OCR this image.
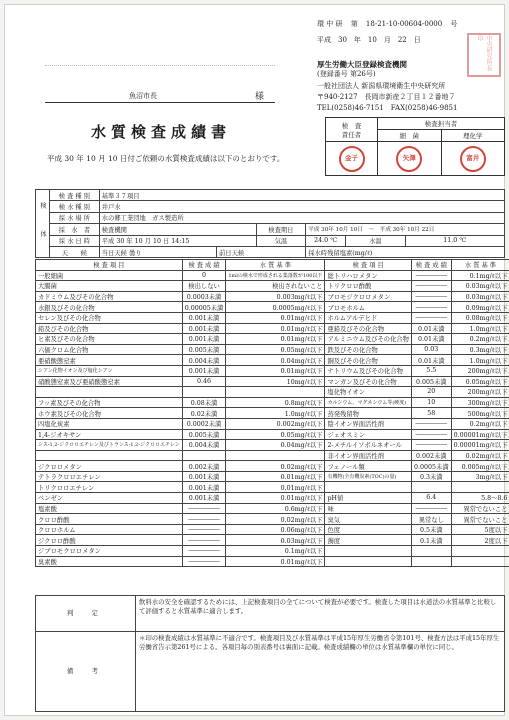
環 中 研 第 18-21-10-00604-0000 号
平成　30　年　10　月　22　日
厚生労働大臣登録検査機関
(登録番号 第26号)
一般社団法人 新潟県環境衛生中央研究所
〒940-2127　長岡市新産２丁目１２番地７
TEL(0258)46-7151　FAX(0258)46-9851
中央研究所長印
魚沼市長	様
水質検査成績書
平成 30 年 10 月 10 日付ご依頼の水質検査成績は以下のとおりです。
検　査
責任者	検査担当者	
	細　菌	理化学
金子	矢澤	富井
検　体	検 査 種 別	基準３７項目					
	検 水 種 別	井戸水					
	採 水 場 所	水の郷工業団地　ガス製造所					
	採　水　者	検査機関		検査期日	平成 30年 10月 10日　～　平成 30年 10月 22日		
	採 水 日 時	平成 30 年 10 月 10 日 14:15		気温	24.0 ℃	水温	11.0 ℃
	天　　候	当日天候 曇り	前日天候		採水時残留塩素(mg/ℓ)		
検 査 項 目	検 査 成 績	水 質 基 準	検 査 項 目	検 査 成 績	水 質 基 準
一般細菌	0	1mlの検水で形成される集落数が100以下	総トリハロメタン	―――――	0.1mg/ℓ以下
大腸菌	検出しない	検出されないこと	トリクロロ酢酸	―――――	0.03mg/ℓ以下
カドミウム及びその化合物	0.0003未満	0.003mg/ℓ以下	ブロモジクロロメタン	―――――	0.03mg/ℓ以下
水銀及びその化合物	0.00005未満	0.0005mg/ℓ以下	ブロモホルム	―――――	0.09mg/ℓ以下
セレン及びその化合物	0.001未満	0.01mg/ℓ以下	ホルムアルデヒド	―――――	0.08mg/ℓ以下
鉛及びその化合物	0.001未満	0.01mg/ℓ以下	亜鉛及びその化合物	0.01未満	1.0mg/ℓ以下
ヒ素及びその化合物	0.001未満	0.01mg/ℓ以下	アルミニウム及びその化合物	0.01未満	0.2mg/ℓ以下
六価クロム化合物	0.005未満	0.05mg/ℓ以下	鉄及びその化合物	0.03	0.3mg/ℓ以下
亜硝酸態窒素	0.004未満	0.04mg/ℓ以下	銅及びその化合物	0.01未満	1.0mg/ℓ以下
シアン化物イオン及び塩化シアン	0.001未満	0.01mg/ℓ以下	ナトリウム及びその化合物	5.5	200mg/ℓ以下
硝酸態窒素及び亜硝酸態窒素	0.46	10mg/ℓ以下	マンガン及びその化合物	0.005未満	0.05mg/ℓ以下
			塩化物イオン	20	200mg/ℓ以下
フッ素及びその化合物	0.08未満	0.8mg/ℓ以下	カルシウム、マグネシウム等(硬度)	10	300mg/ℓ以下
ホウ素及びその化合物	0.02未満	1.0mg/ℓ以下	蒸発残留物	58	500mg/ℓ以下
四塩化炭素	0.0002未満	0.002mg/ℓ以下	陰イオン界面活性剤	―――――	0.2mg/ℓ以下
1,4-ジオキサン	0.005未満	0.05mg/ℓ以下	ジェオスミン	―――――	0.00001mg/ℓ以下
シス-1,2-ジクロロエチレン及びトランス-1,2-ジクロロエチレン	0.004未満	0.04mg/ℓ以下	2-メチルイソボルネオール	―――――	0.00001mg/ℓ以下
			非イオン界面活性剤	0.002未満	0.02mg/ℓ以下
ジクロロメタン	0.002未満	0.02mg/ℓ以下	フェノール類	0.0005未満	0.005mg/ℓ以下
テトラクロロエチレン	0.001未満	0.01mg/ℓ以下	有機物(全有機炭素(TOC)の量)	0.3未満	3mg/ℓ以下
トリクロロエチレン	0.001未満	0.01mg/ℓ以下			
ベンゼン	0.001未満	0.01mg/ℓ以下	pH値	6.4	5.8～8.6
塩素酸	―――――	0.6mg/ℓ以下	味	―――――	異常でないこと
クロロ酢酸	―――――	0.02mg/ℓ以下	臭気	異常なし	異常でないこと
クロロホルム	―――――	0.06mg/ℓ以下	色度	0.5未満	5度以下
ジクロロ酢酸	―――――	0.03mg/ℓ以下	濁度	0.1未満	2度以下
ジブロモクロロメタン	―――――	0.1mg/ℓ以下			
臭素酸	―――――	0.01mg/ℓ以下			
判　定	飲料水の安全を確認するためには、上記検査項目の全てについて検査が必要です。検査した項目は水道法の水質基準と比較して評価すると水質基準に適合します。
備　考	＊印の検査成績は水質基準に不適合です。検査項目及び水質基準は平成15年厚生労働省令第101号、検査方法は平成15年厚生労働省告示第261号による。各項目毎の別表番号は裏面に記載。検査成績欄の単位は水質基準欄の単位に同じ。
